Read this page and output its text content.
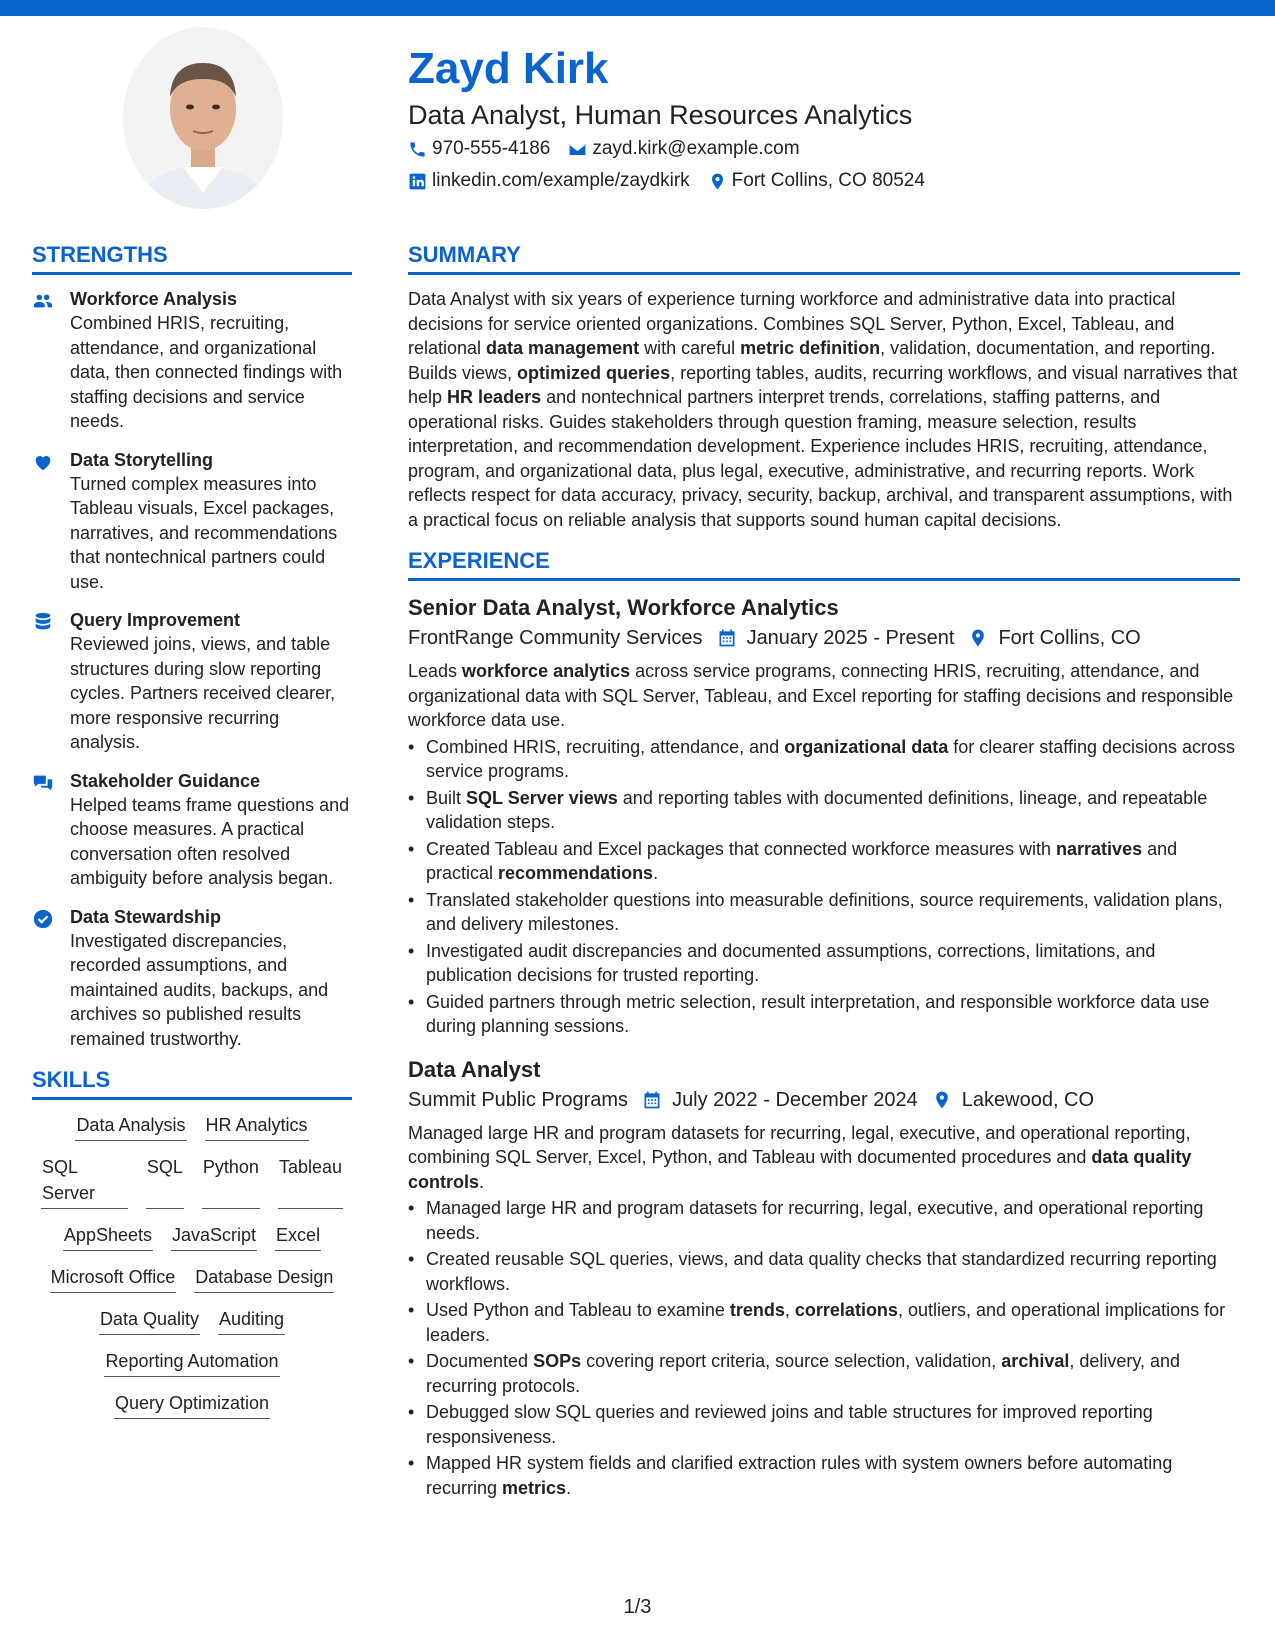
Zayd Kirk
Data Analyst, Human Resources Analytics
970-555-4186 zayd.kirk@example.com
linkedin.com/example/zaydkirk Fort Collins, CO 80524
STRENGTHS
Workforce Analysis
Combined HRIS, recruiting, attendance, and organizational data, then connected findings with staffing decisions and service needs.
Data Storytelling
Turned complex measures into Tableau visuals, Excel packages, narratives, and recommendations that nontechnical partners could use.
Query Improvement
Reviewed joins, views, and table structures during slow reporting cycles. Partners received clearer, more responsive recurring analysis.
Stakeholder Guidance
Helped teams frame questions and choose measures. A practical conversation often resolved ambiguity before analysis began.
Data Stewardship
Investigated discrepancies, recorded assumptions, and maintained audits, backups, and archives so published results remained trustworthy.
SKILLS
Data Analysis HR Analytics
SQL Server
SQL Python Tableau
AppSheets JavaScript Excel
Microsoft Office Database Design
Data Quality Auditing
Reporting Automation
Query Optimization
SUMMARY
Data Analyst with six years of experience turning workforce and administrative data into practical decisions for service oriented organizations. Combines SQL Server, Python, Excel, Tableau, and relational data management with careful metric definition, validation, documentation, and reporting. Builds views, optimized queries, reporting tables, audits, recurring workflows, and visual narratives that help HR leaders and nontechnical partners interpret trends, correlations, staffing patterns, and operational risks. Guides stakeholders through question framing, measure selection, results interpretation, and recommendation development. Experience includes HRIS, recruiting, attendance, program, and organizational data, plus legal, executive, administrative, and recurring reports. Work reflects respect for data accuracy, privacy, security, backup, archival, and transparent assumptions, with a practical focus on reliable analysis that supports sound human capital decisions.
EXPERIENCE
Senior Data Analyst, Workforce Analytics
FrontRange Community Services January 2025 - Present Fort Collins, CO
Leads workforce analytics across service programs, connecting HRIS, recruiting, attendance, and organizational data with SQL Server, Tableau, and Excel reporting for staffing decisions and responsible workforce data use.
• Combined HRIS, recruiting, attendance, and organizational data for clearer staffing decisions across service programs.
• Built SQL Server views and reporting tables with documented definitions, lineage, and repeatable validation steps.
• Created Tableau and Excel packages that connected workforce measures with narratives and practical recommendations.
• Translated stakeholder questions into measurable definitions, source requirements, validation plans, and delivery milestones.
• Investigated audit discrepancies and documented assumptions, corrections, limitations, and publication decisions for trusted reporting.
• Guided partners through metric selection, result interpretation, and responsible workforce data use during planning sessions.
Data Analyst
Summit Public Programs July 2022 - December 2024 Lakewood, CO
Managed large HR and program datasets for recurring, legal, executive, and operational reporting, combining SQL Server, Excel, Python, and Tableau with documented procedures and data quality controls.
• Managed large HR and program datasets for recurring, legal, executive, and operational reporting needs.
• Created reusable SQL queries, views, and data quality checks that standardized recurring reporting workflows.
• Used Python and Tableau to examine trends, correlations, outliers, and operational implications for leaders.
• Documented SOPs covering report criteria, source selection, validation, archival, delivery, and recurring protocols.
• Debugged slow SQL queries and reviewed joins and table structures for improved reporting responsiveness.
• Mapped HR system fields and clarified extraction rules with system owners before automating recurring metrics.
1/3
